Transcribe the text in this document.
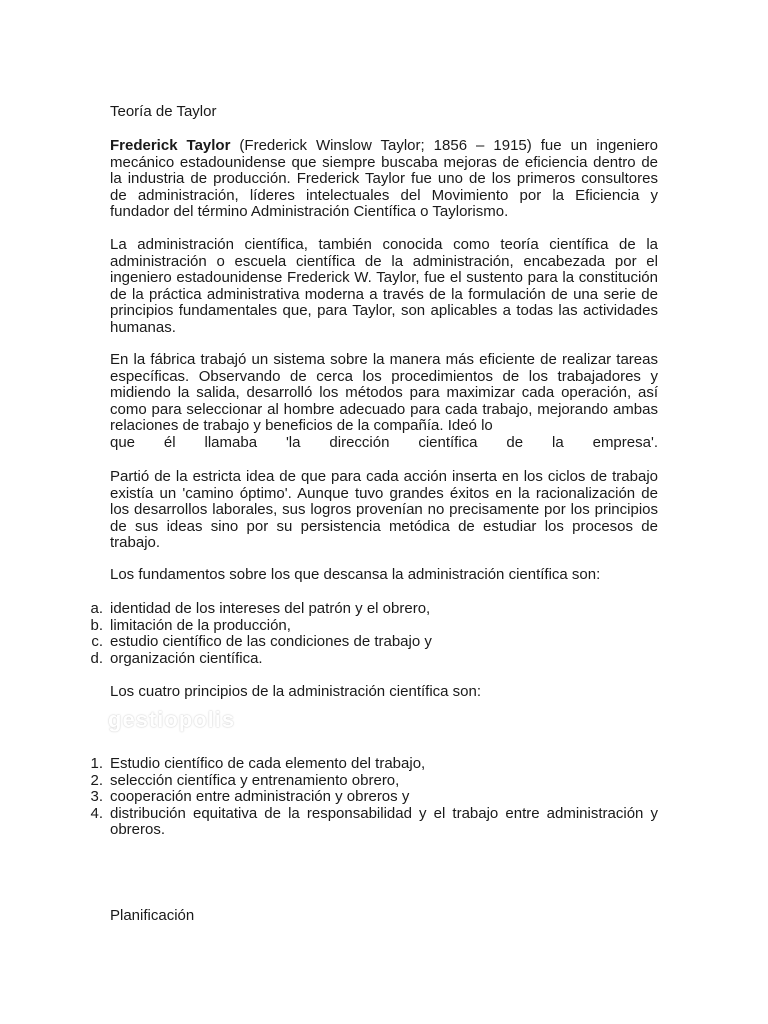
Teoría de Taylor

Frederick Taylor (Frederick Winslow Taylor; 1856 – 1915) fue un ingeniero mecánico estadounidense que siempre buscaba mejoras de eficiencia dentro de la industria de producción. Frederick Taylor fue uno de los primeros consultores de administración, líderes intelectuales del Movimiento por la Eficiencia y fundador del término Administración Científica o Taylorismo.

La administración científica, también conocida como teoría científica de la administración o escuela científica de la administración, encabezada por el ingeniero estadounidense Frederick W. Taylor, fue el sustento para la constitución de la práctica administrativa moderna a través de la formulación de una serie de principios fundamentales que, para Taylor, son aplicables a todas las actividades humanas.

En la fábrica trabajó un sistema sobre la manera más eficiente de realizar tareas específicas. Observando de cerca los procedimientos de los trabajadores y midiendo la salida, desarrolló los métodos para maximizar cada operación, así como para seleccionar al hombre adecuado para cada trabajo, mejorando ambas relaciones de trabajo y beneficios de la compañía. Ideó lo

que él llamaba 'la dirección científica de la empresa'.

Partió de la estricta idea de que para cada acción inserta en los ciclos de trabajo existía un 'camino óptimo'. Aunque tuvo grandes éxitos en la racionalización de los desarrollos laborales, sus logros provenían no precisamente por los principios de sus ideas sino por su persistencia metódica de estudiar los procesos de trabajo.

Los fundamentos sobre los que descansa la administración científica son:

a. identidad de los intereses del patrón y el obrero,
b. limitación de la producción,
c. estudio científico de las condiciones de trabajo y
d. organización científica.

Los cuatro principios de la administración científica son:

gestiopolis
1. Estudio científico de cada elemento del trabajo,
2. selección científica y entrenamiento obrero,
3. cooperación entre administración y obreros y
4. distribución equitativa de la responsabilidad y el trabajo entre administración y obreros.

Planificación
